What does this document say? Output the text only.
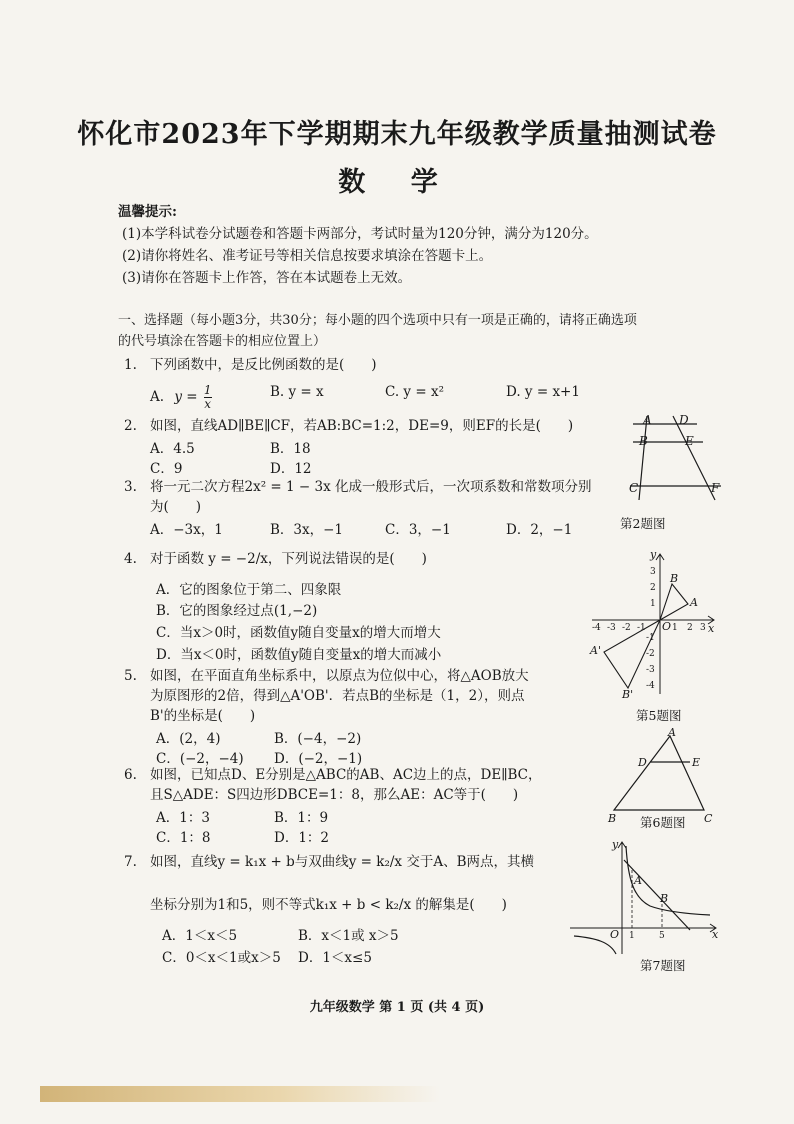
怀化市2023年下学期期末九年级教学质量抽测试卷
数 学
温馨提示:
(1)本学科试卷分试题卷和答题卡两部分，考试时量为120分钟，满分为120分。
(2)请你将姓名、准考证号等相关信息按要求填涂在答题卡上。
(3)请你在答题卡上作答，答在本试题卷上无效。
一、选择题（每小题3分，共30分；每小题的四个选项中只有一项是正确的，请将正确选项
的代号填涂在答题卡的相应位置上）
1. 下列函数中，是反比例函数的是(　　)
A. $y = \frac{1}{x}$	B. y = x	C. y = x²	D. y = x+1
2. 如图，直线AD∥BE∥CF，若AB:BC=1:2，DE=9，则EF的长是(　　)
A．4.5	B．18
C．9	D．12
A D
B	E
C	F
第2题图
3. 将一元二次方程2x² = 1 − 3x 化成一般形式后，一次项系数和常数项分别
为(　　)
A．−3x，1	B．3x，−1	C．3，−1	D．2，−1
4. 对于函数 y = −2/x，下列说法错误的是(　　)
A．它的图象位于第二、四象限
B．它的图象经过点(1,−2)
C．当x＞0时，函数值y随自变量x的增大而增大
D．当x＜0时，函数值y随自变量x的增大而减小
-4 -3 -2 -1	1 2 3
3
2
1
-1
-2
-3
-4
y
x
O
A
B
A'
B'
第5题图
5. 如图，在平面直角坐标系中，以原点为位似中心，将△AOB放大
为原图形的2倍，得到△A'OB'．若点B的坐标是（1，2），则点
B'的坐标是(　　)
A．(2，4)	B．(−4，−2)
C．(−2，−4) D．(−2，−1)
A
D	E
B	C
第6题图
6. 如图，已知点D、E分别是△ABC的AB、AC边上的点，DE∥BC，
且S△ADE：S四边形DBCE=1：8，那么AE：AC等于(　　)
A．1：3	B．1：9
C．1：8	D．1：2
7. 如图，直线y = k₁x + b与双曲线y = k₂/x 交于A、B两点，其横
坐标分别为1和5，则不等式k₁x + b < k₂/x 的解集是(　　)
A．1＜x＜5	B．x＜1或 x＞5
C．0＜x＜1或x＞5 D．1＜x≤5
y
x
O
A
B
1	5
第7题图
九年级数学 第 1 页 (共 4 页)
